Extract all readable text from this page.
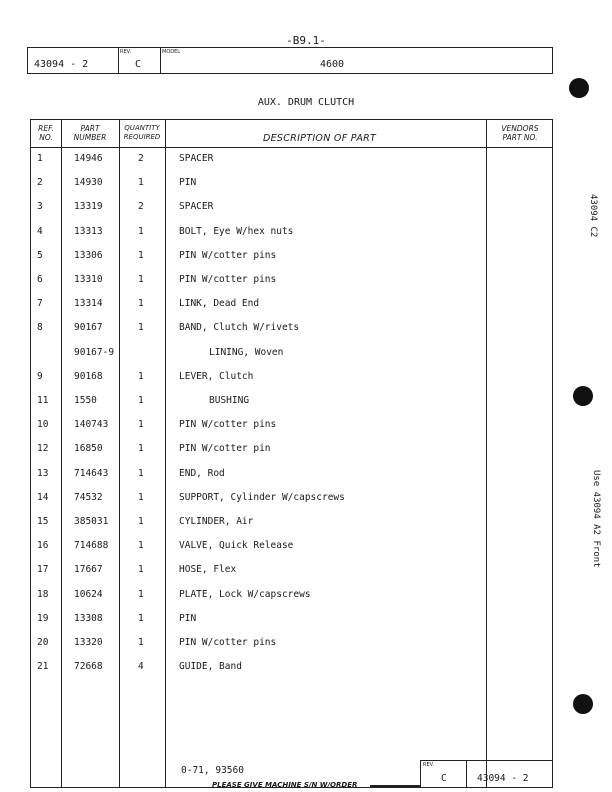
-B9.1-
43094 - 2
REV.
C
MODEL
4600
AUX. DRUM CLUTCH
REF.
NO.
PART
NUMBER
QUANTITY
REQUIRED	DESCRIPTION OF PART
VENDORS
PART NO.
1	14946	2	SPACER
2	14930	1	PIN
3	13319	2	SPACER
4	13313	1	BOLT, Eye W/hex nuts
5	13306	1	PIN W/cotter pins
6	13310	1	PIN W/cotter pins
7	13314	1	LINK, Dead End
8	90167	1	BAND, Clutch W/rivets
90167-9	LINING, Woven
9	90168	1	LEVER, Clutch
11	1550	1	BUSHING
10	140743	1	PIN W/cotter pins
12	16850	1	PIN W/cotter pin
13	714643	1	END, Rod
14	74532	1	SUPPORT, Cylinder W/capscrews
15	385031	1	CYLINDER, Air
16	714688	1	VALVE, Quick Release
17	17667	1	HOSE, Flex
18	10624	1	PLATE, Lock W/capscrews
19	13308	1	PIN
20	13320	1	PIN W/cotter pins
21	72668	4	GUIDE, Band
0-71, 93560	REV.
C	43094 - 2
PLEASE GIVE MACHINE S/N W/ORDER
43094 C2
Use 43094 A2 Front
